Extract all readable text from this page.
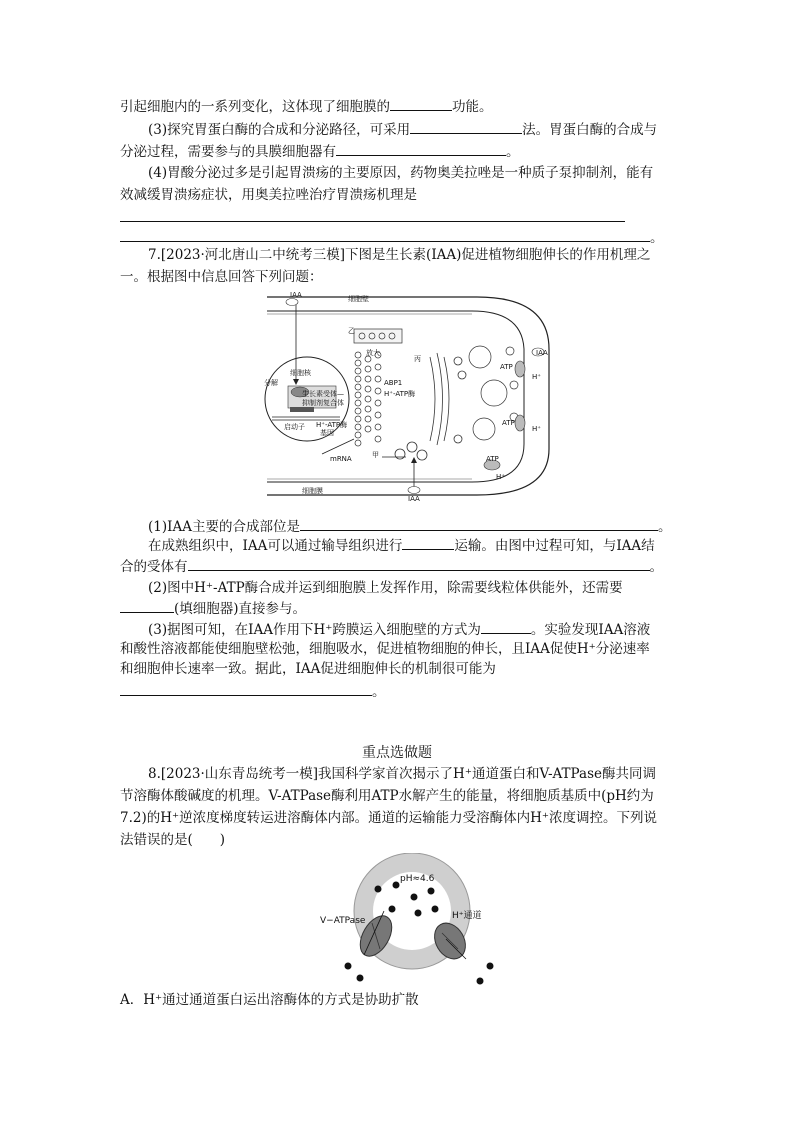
引起细胞内的一系列变化，这体现了细胞膜的	功能。
(3)探究胃蛋白酶的合成和分泌路径，可采用	法。胃蛋白酶的合成与
分泌过程，需要参与的具膜细胞器有	。
(4)胃酸分泌过多是引起胃溃疡的主要原因，药物奥美拉唑是一种质子泵抑制剂，能有
效减缓胃溃疡症状，用奥美拉唑治疗胃溃疡机理是
。
7.[2023·河北唐山二中统考三模]下图是生长素(IAA)促进植物细胞伸长的作用机理之
一。根据图中信息回答下列问题：
IAA	细胞壁
细胞核
生长素受体—
抑制剂复合体
分解
启动子 H⁺-ATP酶
基因
mRNA	甲
乙
丙
放大
ABP1
H⁺-ATP酶
ATP
ATP
ATP
H⁺
H⁺
H⁺
IAA
IAA
细胞膜
(1)IAA主要的合成部位是	。
在成熟组织中，IAA可以通过输导组织进行	运输。由图中过程可知，与IAA结
合的受体有	。
(2)图中H⁺-ATP酶合成并运到细胞膜上发挥作用，除需要线粒体供能外，还需要
(填细胞器)直接参与。
(3)据图可知，在IAA作用下H⁺跨膜运入细胞壁的方式为	。实验发现IAA溶液
和酸性溶液都能使细胞壁松弛，细胞吸水，促进植物细胞的伸长，且IAA促使H⁺分泌速率
和细胞伸长速率一致。据此，IAA促进细胞伸长的机制很可能为
。
重点选做题
8.[2023·山东青岛统考一模]我国科学家首次揭示了H⁺通道蛋白和V-ATPase酶共同调
节溶酶体酸碱度的机理。V-ATPase酶利用ATP水解产生的能量，将细胞质基质中(pH约为
7.2)的H⁺逆浓度梯度转运进溶酶体内部。通道的运输能力受溶酶体内H⁺浓度调控。下列说
法错误的是(　　)
pH≈4.6
V−ATPase	H⁺通道
A．H⁺通过通道蛋白运出溶酶体的方式是协助扩散
